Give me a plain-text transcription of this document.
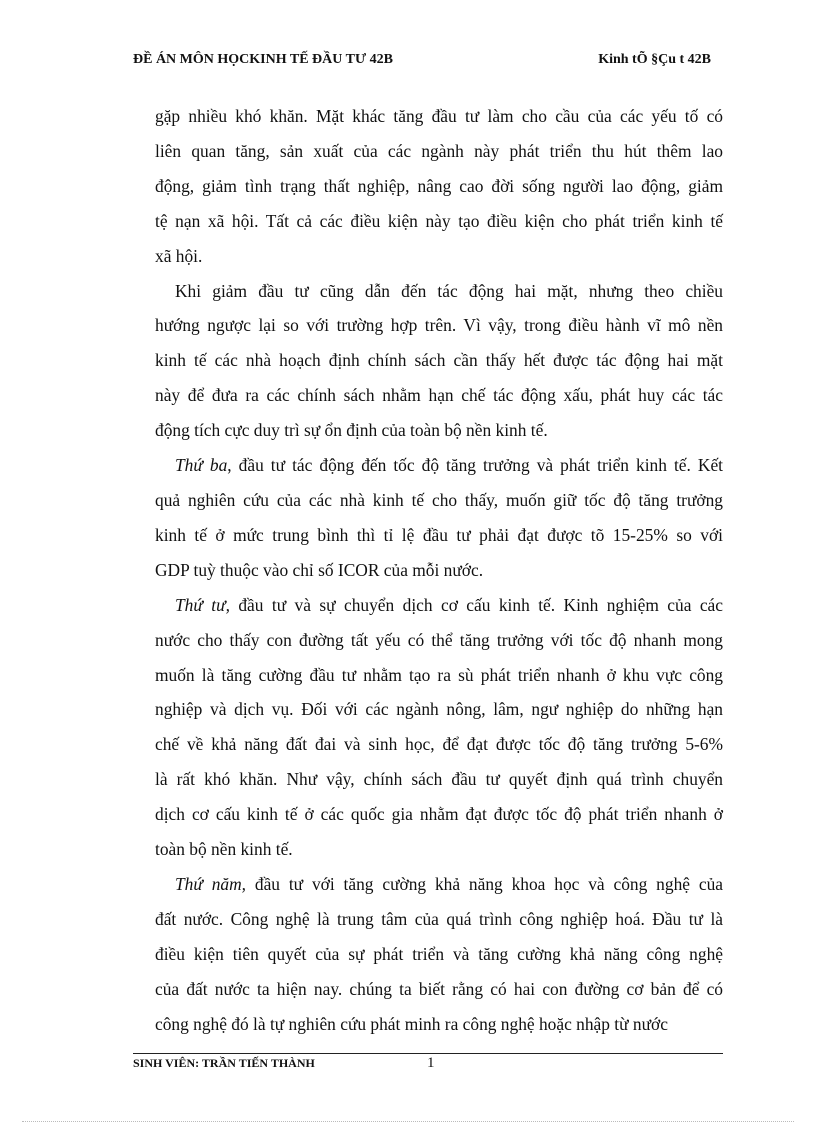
ĐỀ ÁN MÔN HỌCKINH TẾ ĐẦU TƯ 42B	Kinh tÕ §Çu t 42B

gặp nhiều khó khăn. Mặt khác tăng đầu tư làm cho cầu của các yếu tố có
liên quan tăng, sản xuất của các ngành này phát triển thu hút thêm lao
động, giảm tình trạng thất nghiệp, nâng cao đời sống người lao động, giảm
tệ nạn xã hội. Tất cả các điều kiện này tạo điều kiện cho phát triển kinh tế
xã hội.

Khi giảm đầu tư cũng dẫn đến tác động hai mặt, nhưng theo chiều
hướng ngược lại so với trường hợp trên. Vì vậy, trong điều hành vĩ mô nền
kinh tế các nhà hoạch định chính sách cần thấy hết được tác động hai mặt
này để đưa ra các chính sách nhằm hạn chế tác động xấu, phát huy các tác
động tích cực duy trì sự ổn định của toàn bộ nền kinh tế.

Thứ ba, đầu tư tác động đến tốc độ tăng trưởng và phát triển kinh tế. Kết
quả nghiên cứu của các nhà kinh tế cho thấy, muốn giữ tốc độ tăng trưởng
kinh tế ở mức trung bình thì tỉ lệ đầu tư phải đạt được tõ 15-25% so với
GDP tuỳ thuộc vào chỉ số ICOR của mỗi nước.

Thứ tư, đầu tư và sự chuyển dịch cơ cấu kinh tế. Kinh nghiệm của các
nước cho thấy con đường tất yếu có thể tăng trưởng với tốc độ nhanh mong
muốn là tăng cường đầu tư nhằm tạo ra sù phát triển nhanh ở khu vực công
nghiệp và dịch vụ. Đối với các ngành nông, lâm, ngư nghiệp do những hạn
chế về khả năng đất đai và sinh học, để đạt được tốc độ tăng trưởng 5-6%
là rất khó khăn. Như vậy, chính sách đầu tư quyết định quá trình chuyển
dịch cơ cấu kinh tế ở các quốc gia nhằm đạt được tốc độ phát triển nhanh ở
toàn bộ nền kinh tế.

Thứ năm, đầu tư với tăng cường khả năng khoa học và công nghệ của
đất nước. Công nghệ là trung tâm của quá trình công nghiệp hoá. Đầu tư là
điều kiện tiên quyết của sự phát triển và tăng cường khả năng công nghệ
của đất nước ta hiện nay. chúng ta biết rằng có hai con đường cơ bản để có
công nghệ đó là tự nghiên cứu phát minh ra công nghệ hoặc nhập từ nước

SINH VIÊN: TRẦN TIẾN THÀNH	1
